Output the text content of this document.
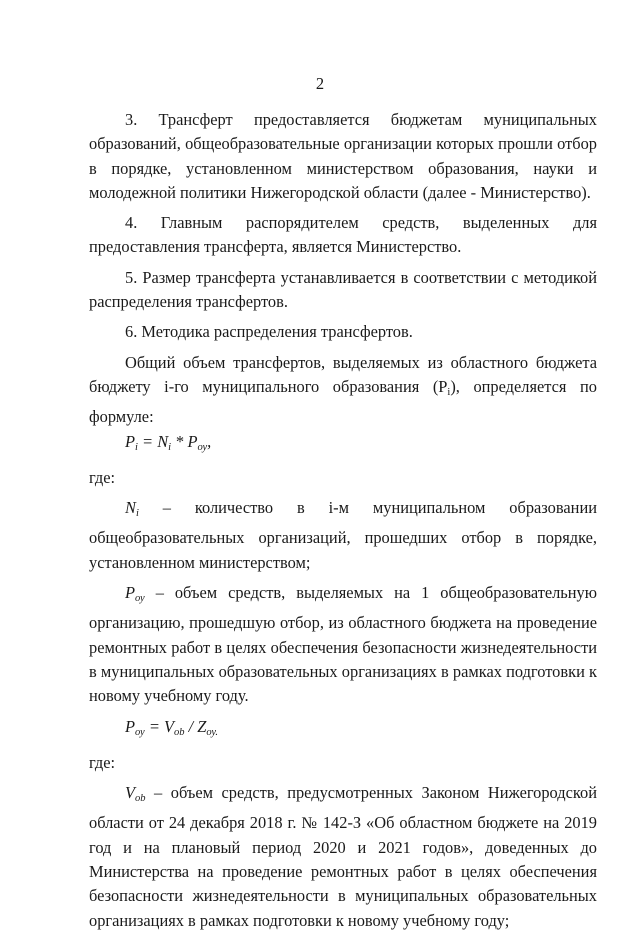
2

3. Трансферт предоставляется бюджетам муниципальных образований, общеобразовательные организации которых прошли отбор в порядке, установленном министерством образования, науки и молодежной политики Нижегородской области (далее - Министерство).

4. Главным распорядителем средств, выделенных для предоставления трансферта, является Министерство.

5. Размер трансферта устанавливается в соответствии с методикой распределения трансфертов.

6. Методика распределения трансфертов.

Общий объем трансфертов, выделяемых из областного бюджета бюджету i-го муниципального образования $(P_i)$, определяется по формуле:

$P_i = N_i * P_{оу}$,

где:

$N_i$ – количество в i-м муниципальном образовании общеобразовательных организаций, прошедших отбор в порядке, установленном министерством;

$P_{оу}$ – объем средств, выделяемых на 1 общеобразовательную организацию, прошедшую отбор, из областного бюджета на проведение ремонтных работ в целях обеспечения безопасности жизнедеятельности в муниципальных образовательных организациях в рамках подготовки к новому учебному году.

$P_{оу} = V_{ob} / Z_{оу.}$

где:

$V_{ob}$ – объем средств, предусмотренных Законом Нижегородской области от 24 декабря 2018 г. № 142-З «Об областном бюджете на 2019 год и на плановый период 2020 и 2021 годов», доведенных до Министерства на проведение ремонтных работ в целях обеспечения безопасности жизнедеятельности в муниципальных образовательных организациях в рамках подготовки к новому учебному году;
